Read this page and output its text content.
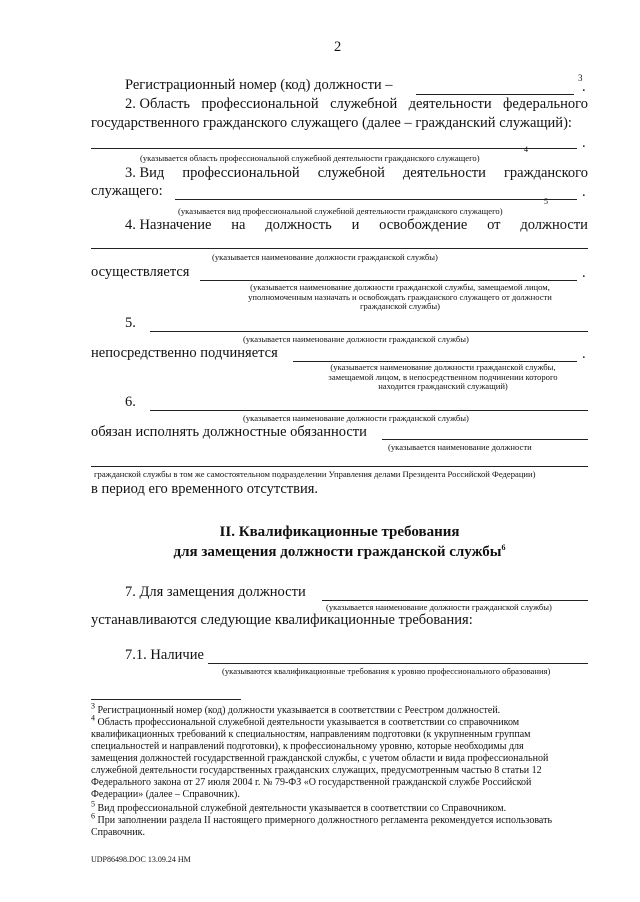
2
Регистрационный номер (код) должности –	3
.
2. Область профессиональной служебной деятельности федерального
государственного гражданского служащего (далее – гражданский служащий):
.
(указывается область профессиональной служебной деятельности гражданского служащего)
4
3. Вид профессиональной служебной деятельности гражданского
служащего:	.
(указывается вид профессиональной служебной деятельности гражданского служащего)
5
4. Назначение на должность и освобождение от должности
(указывается наименование должности гражданской службы)
осуществляется	.
(указывается наименование должности гражданской службы, замещаемой лицом,
уполномоченным назначать и освобождать гражданского служащего от должности
гражданской службы)
5.
(указывается наименование должности гражданской службы)
непосредственно подчиняется	.
(указывается наименование должности гражданской службы,
замещаемой лицом, в непосредственном подчинении которого
находится гражданский служащий)
6.
(указывается наименование должности гражданской службы)
обязан исполнять должностные обязанности
(указывается наименование должности
гражданской службы в том же самостоятельном подразделении Управления делами Президента Российской Федерации)
в период его временного отсутствия.
II. Квалификационные требования
для замещения должности гражданской службы$^6$
7. Для замещения должности
(указывается наименование должности гражданской службы)
устанавливаются следующие квалификационные требования:
7.1. Наличие
(указываются квалификационные требования к уровню профессионального образования)
$^3$ Регистрационный номер (код) должности указывается в соответствии с Реестром должностей.
$^4$ Область профессиональной служебной деятельности указывается в соответствии со справочником
квалификационных требований к специальностям, направлениям подготовки (к укрупненным группам
специальностей и направлений подготовки), к профессиональному уровню, которые необходимы для
замещения должностей государственной гражданской службы, с учетом области и вида профессиональной
служебной деятельности государственных гражданских служащих, предусмотренным частью 8 статьи 12
Федерального закона от 27 июля 2004 г. № 79-ФЗ «О государственной гражданской службе Российской
Федерации» (далее – Справочник).
$^5$ Вид профессиональной служебной деятельности указывается в соответствии со Справочником.
$^6$ При заполнении раздела II настоящего примерного должностного регламента рекомендуется использовать
Справочник.
UDP86498.DOC 13.09.24 НМ
